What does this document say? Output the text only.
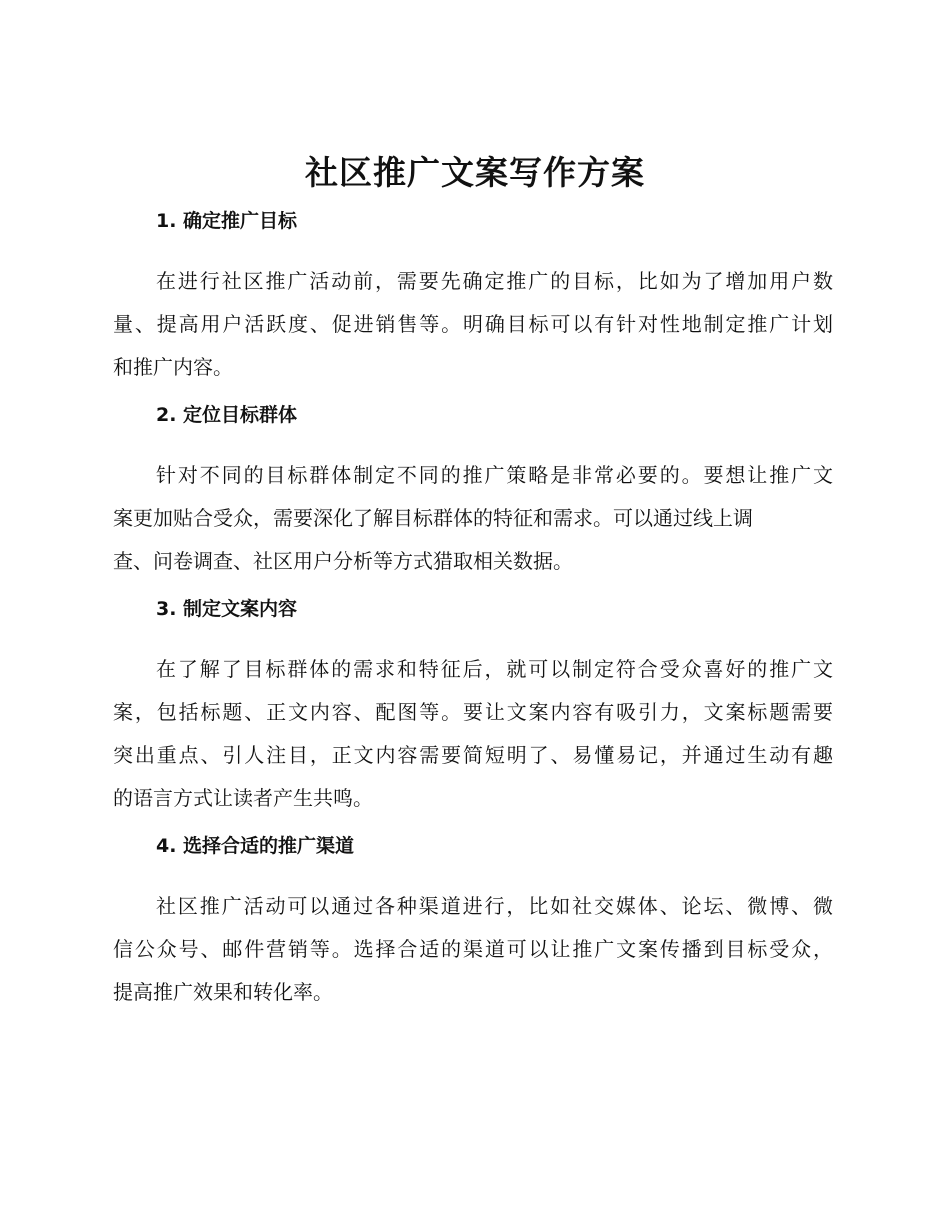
社区推广文案写作方案
1. 确定推广目标

在进行社区推广活动前，需要先确定推广的目标，比如为了增加用户数
量、提高用户活跃度、促进销售等。明确目标可以有针对性地制定推广计划
和推广内容。

2. 定位目标群体

针对不同的目标群体制定不同的推广策略是非常必要的。要想让推广文
案更加贴合受众，需要深化了解目标群体的特征和需求。可以通过线上调
查、问卷调查、社区用户分析等方式猎取相关数据。

3. 制定文案内容

在了解了目标群体的需求和特征后，就可以制定符合受众喜好的推广文
案，包括标题、正文内容、配图等。要让文案内容有吸引力，文案标题需要
突出重点、引人注目，正文内容需要简短明了、易懂易记，并通过生动有趣
的语言方式让读者产生共鸣。

4. 选择合适的推广渠道

社区推广活动可以通过各种渠道进行，比如社交媒体、论坛、微博、微
信公众号、邮件营销等。选择合适的渠道可以让推广文案传播到目标受众，
提高推广效果和转化率。
